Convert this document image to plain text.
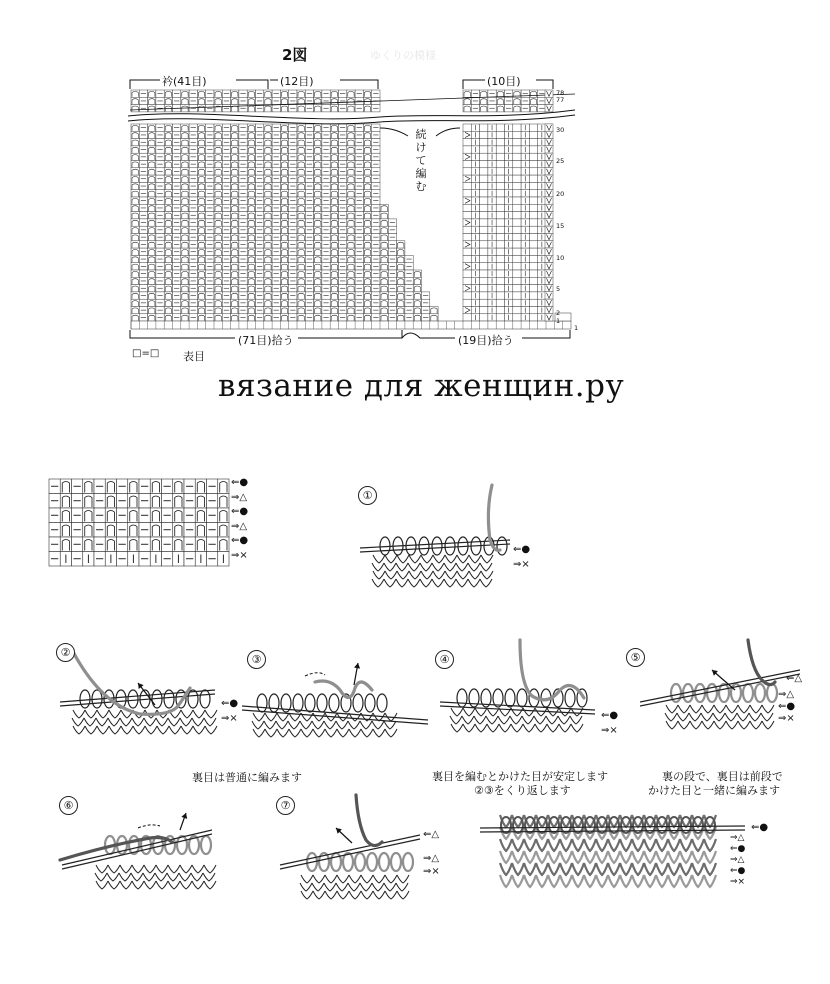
2図	ゆくりの模様
78
77
30
25
20
15
10
5
2
1
1
衿(41目)	(12目)	(10目)
続けて編む
(71目)拾う	(19目)拾う
□=□ 表目
вязание для женщин.ру
⇐●
⇒△
⇐●
⇒△
⇐●
⇒×
①
②
③	④	⑤
⑥	⑦
⇐●
⇒×
⇐●
⇒×	⇐●
⇒×
⇐△
⇒△
⇐●
⇒×
⇐△
⇒△
⇒×
⇐●
⇒△
⇐●
⇒△
⇐●
⇒×
裏目は普通に編みます	裏目を編むとかけた目が安定します
②③をくり返します
裏の段で、裏目は前段で
かけた目と一緒に編みます
